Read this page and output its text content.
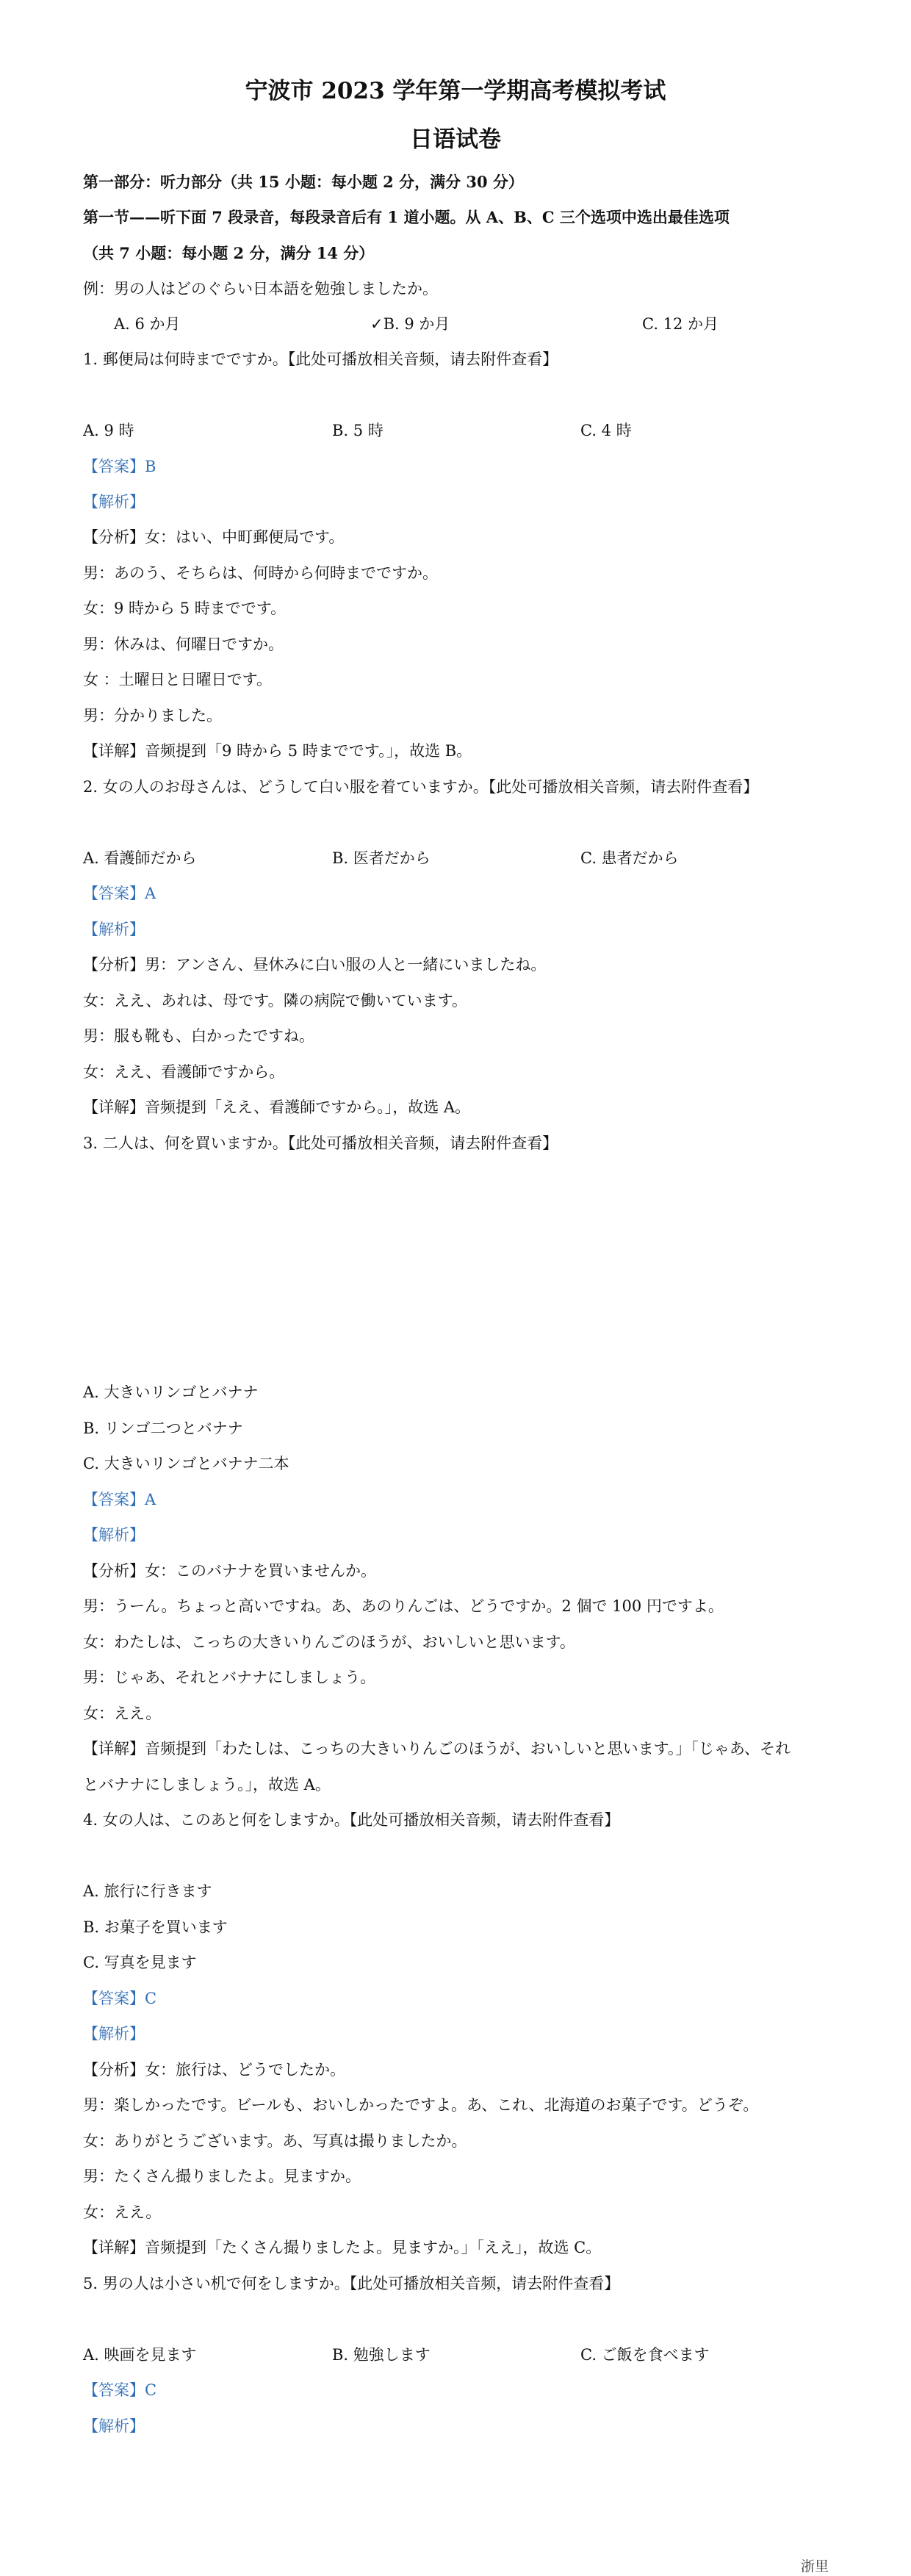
宁波市 2023 学年第一学期高考模拟考试
日语试卷
第一部分：听力部分（共 15 小题：每小题 2 分，满分 30 分）
第一节——听下面 7 段录音，每段录音后有 1 道小题。从 A、B、C 三个选项中选出最佳选项
（共 7 小题：每小题 2 分，满分 14 分）
例：男の人はどのぐらい日本語を勉強しましたか。
A. 6 か月	✓B. 9 か月	C. 12 か月
1. 郵便局は何時までですか。【此处可播放相关音频，请去附件查看】
A. 9 時	B. 5 時	C. 4 時
【答案】B
【解析】
【分析】女：はい、中町郵便局です。
男：あのう、そちらは、何時から何時までですか。
女：9 時から 5 時までです。
男：休みは、何曜日ですか。
女 ：土曜日と日曜日です。
男：分かりました。
【详解】音频提到「9 時から 5 時までです。」，故选 B。
2. 女の人のお母さんは、どうして白い服を着ていますか。【此处可播放相关音频，请去附件查看】
A. 看護師だから	B. 医者だから	C. 患者だから
【答案】A
【解析】
【分析】男：アンさん、昼休みに白い服の人と一緒にいましたね。
女：ええ、あれは、母です。隣の病院で働いています。
男：服も靴も、白かったですね。
女：ええ、看護師ですから。
【详解】音频提到「ええ、看護師ですから。」，故选 A。
3. 二人は、何を買いますか。【此处可播放相关音频，请去附件查看】
A. 大きいリンゴとバナナ
B. リンゴ二つとバナナ
C. 大きいリンゴとバナナ二本
【答案】A
【解析】
【分析】女：このバナナを買いませんか。
男：うーん。ちょっと高いですね。あ、あのりんごは、どうですか。2 個で 100 円ですよ。
女：わたしは、こっちの大きいりんごのほうが、おいしいと思います。
男：じゃあ、それとバナナにしましょう。
女：ええ。
【详解】音频提到「わたしは、こっちの大きいりんごのほうが、おいしいと思います。」「じゃあ、それ
とバナナにしましょう。」，故选 A。
4. 女の人は、このあと何をしますか。【此处可播放相关音频，请去附件查看】
A. 旅行に行きます
B. お菓子を買います
C. 写真を見ます
【答案】C
【解析】
【分析】女：旅行は、どうでしたか。
男：楽しかったです。ビールも、おいしかったですよ。あ、これ、北海道のお菓子です。どうぞ。
女：ありがとうございます。あ、写真は撮りましたか。
男：たくさん撮りましたよ。見ますか。
女：ええ。
【详解】音频提到「たくさん撮りましたよ。見ますか。」「ええ」，故选 C。
5. 男の人は小さい机で何をしますか。【此处可播放相关音频，请去附件查看】
A. 映画を見ます	B. 勉強します	C. ご飯を食べます
【答案】C
【解析】
浙里
